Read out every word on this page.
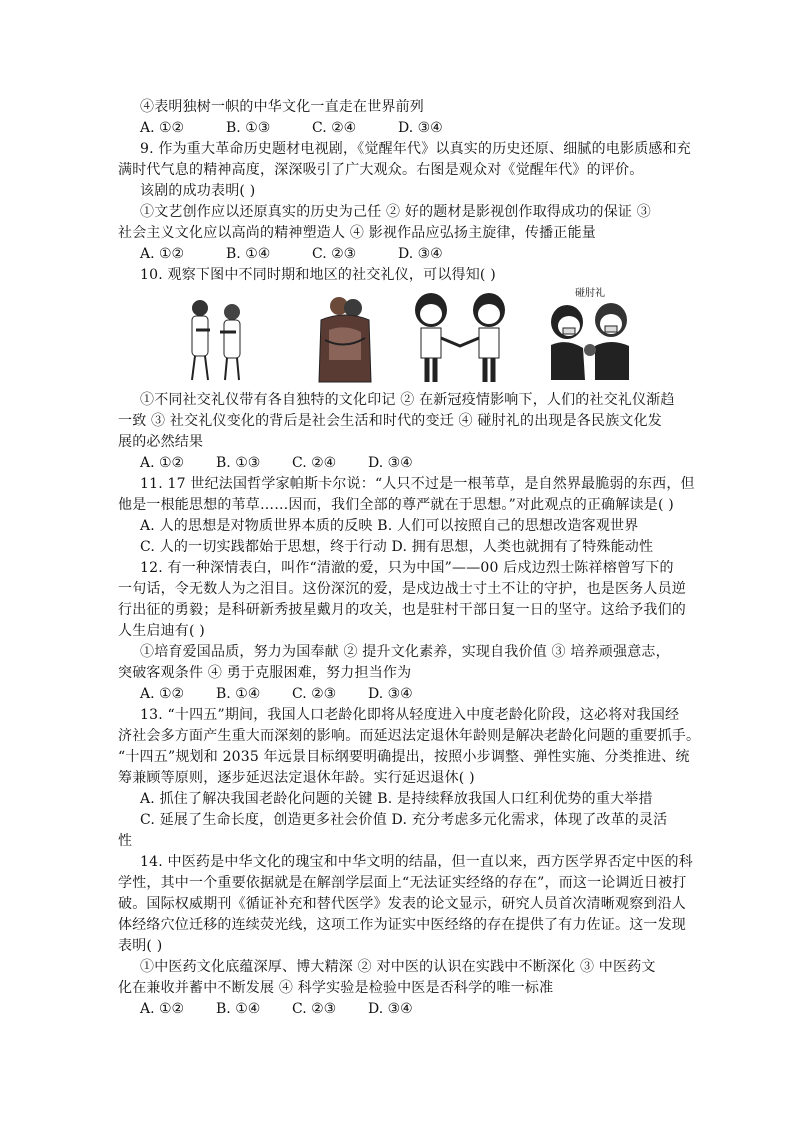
④表明独树一帜的中华文化一直走在世界前列
A. ①②	B. ①③	C. ②④	D. ③④
9. 作为重大革命历史题材电视剧，《觉醒年代》以真实的历史还原、细腻的电影质感和充
满时代气息的精神高度，深深吸引了广大观众。右图是观众对《觉醒年代》的评价。
该剧的成功表明( )
①文艺创作应以还原真实的历史为己任 ② 好的题材是影视创作取得成功的保证 ③
社会主义文化应以高尚的精神塑造人 ④ 影视作品应弘扬主旋律，传播正能量
A. ①②	B. ①④	C. ②③	D. ③④
10. 观察下图中不同时期和地区的社交礼仪，可以得知( )
碰肘礼
①不同社交礼仪带有各自独特的文化印记 ② 在新冠疫情影响下，人们的社交礼仪渐趋
一致 ③ 社交礼仪变化的背后是社会生活和时代的变迁 ④ 碰肘礼的出现是各民族文化发
展的必然结果
A. ①② B. ①③ C. ②④ D. ③④
11. 17 世纪法国哲学家帕斯卡尔说：“人只不过是一根苇草，是自然界最脆弱的东西，但
他是一根能思想的苇草……因而，我们全部的尊严就在于思想。”对此观点的正确解读是( )
A. 人的思想是对物质世界本质的反映 B. 人们可以按照自己的思想改造客观世界
C. 人的一切实践都始于思想，终于行动 D. 拥有思想，人类也就拥有了特殊能动性
12. 有一种深情表白，叫作“清澈的爱，只为中国”——00 后戍边烈士陈祥榕曾写下的
一句话，令无数人为之泪目。这份深沉的爱，是戍边战士寸土不让的守护，也是医务人员逆
行出征的勇毅；是科研新秀披星戴月的攻关，也是驻村干部日复一日的坚守。这给予我们的
人生启迪有( )
①培育爱国品质，努力为国奉献 ② 提升文化素养，实现自我价值 ③ 培养顽强意志，
突破客观条件 ④ 勇于克服困难，努力担当作为
A. ①② B. ①④ C. ②③ D. ③④
13. “十四五”期间，我国人口老龄化即将从轻度进入中度老龄化阶段，这必将对我国经
济社会多方面产生重大而深刻的影响。而延迟法定退休年龄则是解决老龄化问题的重要抓手。
“十四五”规划和 2035 年远景目标纲要明确提出，按照小步调整、弹性实施、分类推进、统
筹兼顾等原则，逐步延迟法定退休年龄。实行延迟退休( )
A. 抓住了解决我国老龄化问题的关键 B. 是持续释放我国人口红利优势的重大举措
C. 延展了生命长度，创造更多社会价值 D. 充分考虑多元化需求，体现了改革的灵活
性
14. 中医药是中华文化的瑰宝和中华文明的结晶，但一直以来，西方医学界否定中医的科
学性，其中一个重要依据就是在解剖学层面上“无法证实经络的存在”，而这一论调近日被打
破。国际权威期刊《循证补充和替代医学》发表的论文显示，研究人员首次清晰观察到沿人
体经络穴位迁移的连续荧光线，这项工作为证实中医经络的存在提供了有力佐证。这一发现
表明( )
①中医药文化底蕴深厚、博大精深 ② 对中医的认识在实践中不断深化 ③ 中医药文
化在兼收并蓄中不断发展 ④ 科学实验是检验中医是否科学的唯一标准
A. ①② B. ①④ C. ②③ D. ③④
